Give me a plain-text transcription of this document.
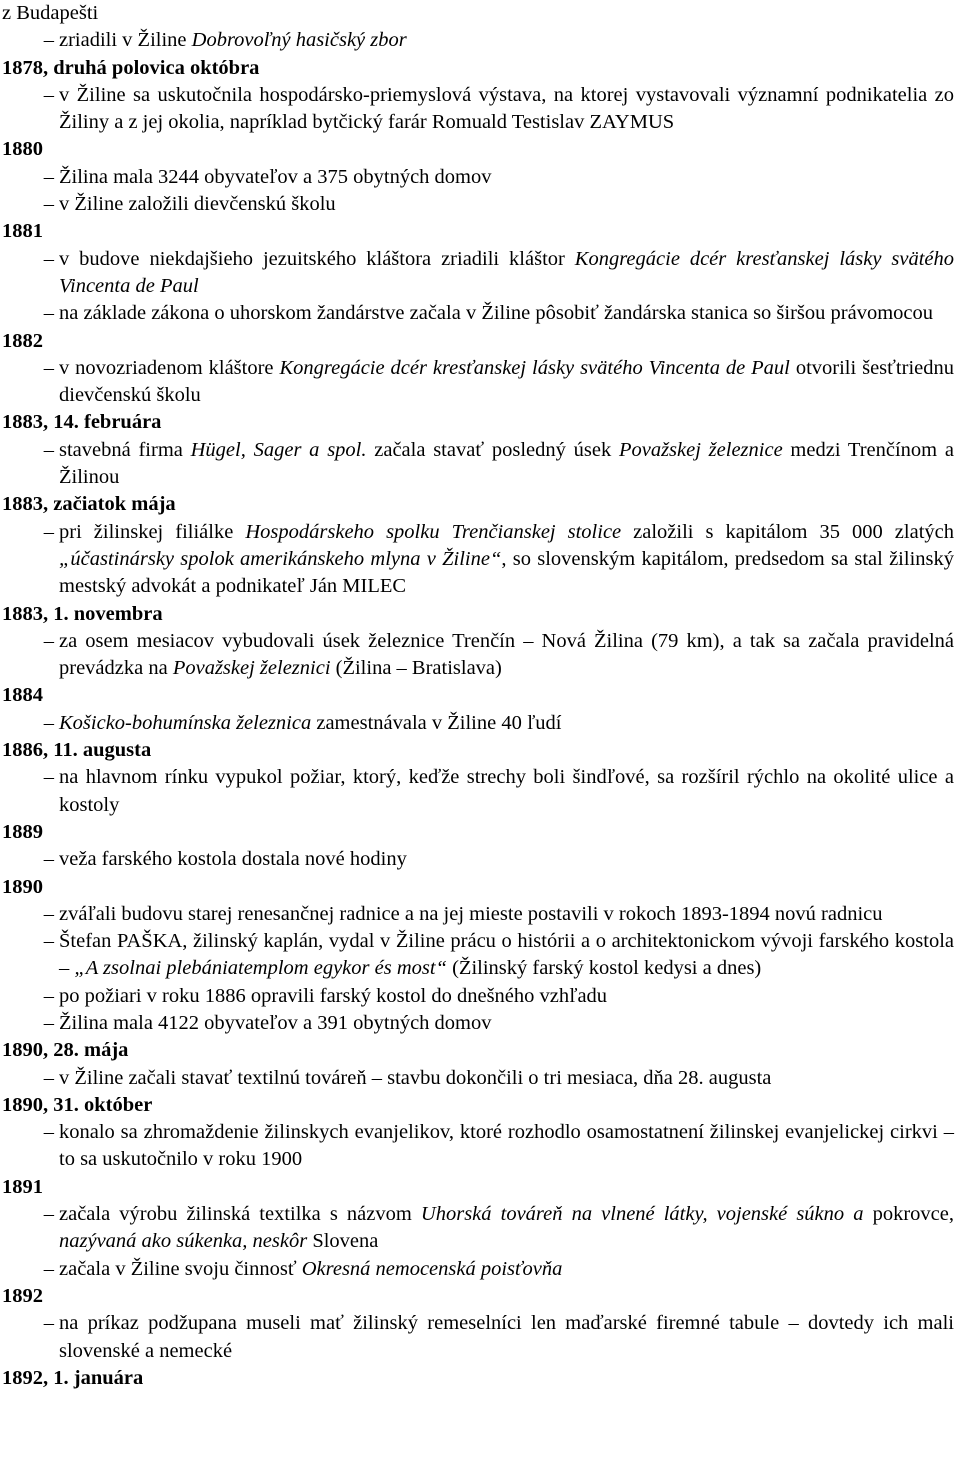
z Budapešti
– zriadili v Žiline Dobrovoľný hasičský zbor
1878, druhá polovica októbra
– v Žiline sa uskutočnila hospodársko-priemyslová výstava, na ktorej vystavovali významní podnikatelia zo Žiliny a z jej okolia, napríklad bytčický farár Romuald Testislav ZAYMUS
1880
– Žilina mala 3244 obyvateľov a 375 obytných domov
– v Žiline založili dievčenskú školu
1881
– v budove niekdajšieho jezuitského kláštora zriadili kláštor Kongregácie dcér kresťanskej lásky svätého Vincenta de Paul
– na základe zákona o uhorskom žandárstve začala v Žiline pôsobiť žandárska stanica so širšou právomocou
1882
– v novozriadenom kláštore Kongregácie dcér kresťanskej lásky svätého Vincenta de Paul otvorili šesťtriednu dievčenskú školu
1883, 14. februára
– stavebná firma Hügel, Sager a spol. začala stavať posledný úsek Považskej železnice medzi Trenčínom a Žilinou
1883, začiatok mája
– pri žilinskej filiálke Hospodárskeho spolku Trenčianskej stolice založili s kapitálom 35 000 zlatých „účastinársky spolok amerikánskeho mlyna v Žiline“, so slovenským kapitálom, predsedom sa stal žilinský mestský advokát a podnikateľ Ján MILEC
1883, 1. novembra
– za osem mesiacov vybudovali úsek železnice Trenčín – Nová Žilina (79 km), a tak sa začala pravidelná prevádzka na Považskej železnici (Žilina – Bratislava)
1884
– Košicko-bohumínska železnica zamestnávala v Žiline 40 ľudí
1886, 11. augusta
– na hlavnom rínku vypukol požiar, ktorý, keďže strechy boli šindľové, sa rozšíril rýchlo na okolité ulice a kostoly
1889
– veža farského kostola dostala nové hodiny
1890
– zváľali budovu starej renesančnej radnice a na jej mieste postavili v rokoch 1893-1894 novú radnicu
– Štefan PAŠKA, žilinský kaplán, vydal v Žiline prácu o histórii a o architektonickom vývoji farského kostola – „A zsolnai plebániatemplom egykor és most“ (Žilinský farský kostol kedysi a dnes)
– po požiari v roku 1886 opravili farský kostol do dnešného vzhľadu
– Žilina mala 4122 obyvateľov a 391 obytných domov
1890, 28. mája
– v Žiline začali stavať textilnú továreň – stavbu dokončili o tri mesiaca, dňa 28. augusta
1890, 31. október
– konalo sa zhromaždenie žilinskych evanjelikov, ktoré rozhodlo osamostatnení žilinskej evanjelickej cirkvi – to sa uskutočnilo v roku 1900
1891
– začala výrobu žilinská textilka s názvom Uhorská továreň na vlnené látky, vojenské súkno a pokrovce, nazývaná ako súkenka, neskôr Slovena
– začala v Žiline svoju činnosť Okresná nemocenská poisťovňa
1892
– na príkaz podžupana museli mať žilinský remeselníci len maďarské firemné tabule – dovtedy ich mali slovenské a nemecké
1892, 1. januára
